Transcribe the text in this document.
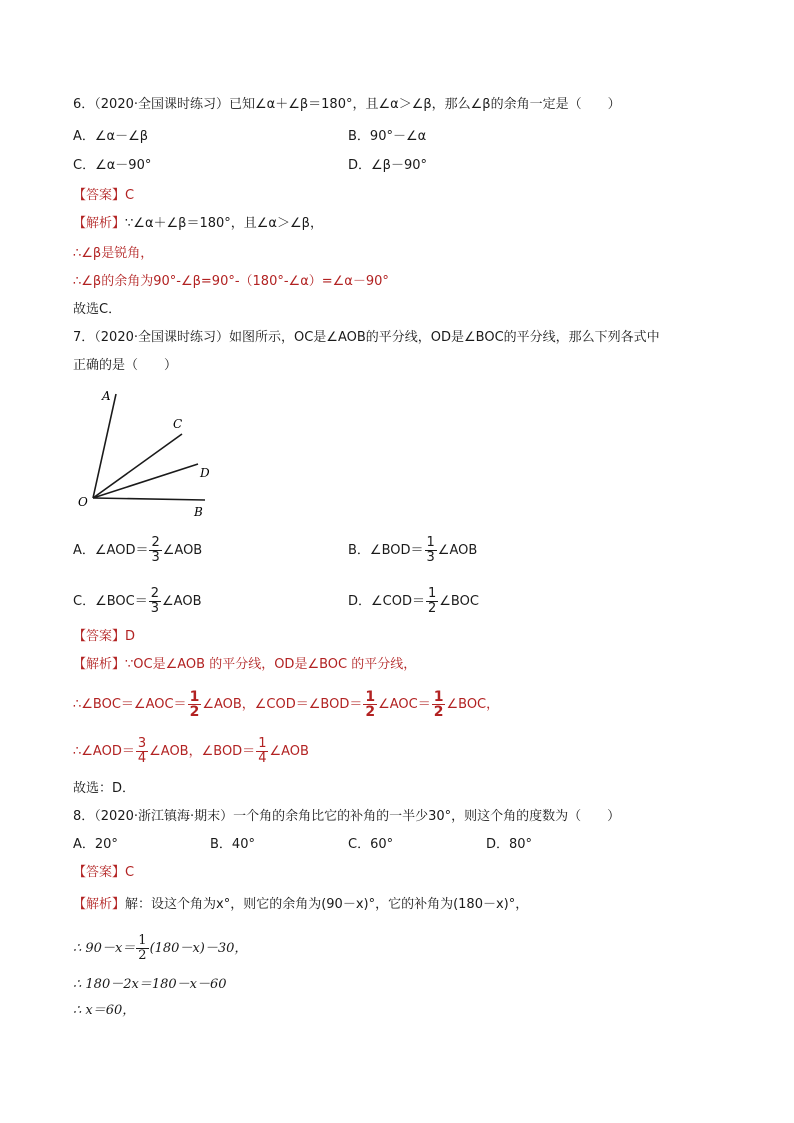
6．（2020·全国课时练习）已知∠α＋∠β＝180°，且∠α＞∠β，那么∠β的余角一定是（　　）
A．∠α－∠β	B．90°－∠α
C．∠α－90°	D．∠β－90°
【答案】C
【解析】∵∠α＋∠β＝180°，且∠α＞∠β，
∴∠β是锐角，
∴∠β的余角为90°-∠β=90°-（180°-∠α）=∠α－90°
故选C．
7．（2020·全国课时练习）如图所示，OC是∠AOB的平分线，OD是∠BOC的平分线，那么下列各式中
正确的是（　　）
A
C
D
O
B
A．∠AOD＝ $\frac{2}{3}$ ∠AOB	B．∠BOD＝ $\frac{1}{3}$ ∠AOB
C．∠BOC＝ $\frac{2}{3}$ ∠AOB	D．∠COD＝ $\frac{1}{2}$ ∠BOC
【答案】D
【解析】∵OC是∠AOB 的平分线，OD是∠BOC 的平分线，
∴∠BOC＝∠AOC＝ $\frac{1}{2}$ ∠AOB，∠COD＝∠BOD＝ $\frac{1}{2}$ ∠AOC＝ $\frac{1}{2}$ ∠BOC，
∴∠AOD＝ $\frac{3}{4}$ ∠AOB，∠BOD＝ $\frac{1}{4}$ ∠AOB
故选：D．
8．（2020·浙江镇海·期末）一个角的余角比它的补角的一半少30°，则这个角的度数为（　　）
A．20°	B．40°	C．60°	D．80°
【答案】C
【解析】解：设这个角为x°，则它的余角为(90－x)°，它的补角为(180－x)°，
∴ $90-x= \frac{1}{2} (180-x)-30$，
∴ 180－2x＝180－x－60
∴ x＝60，
